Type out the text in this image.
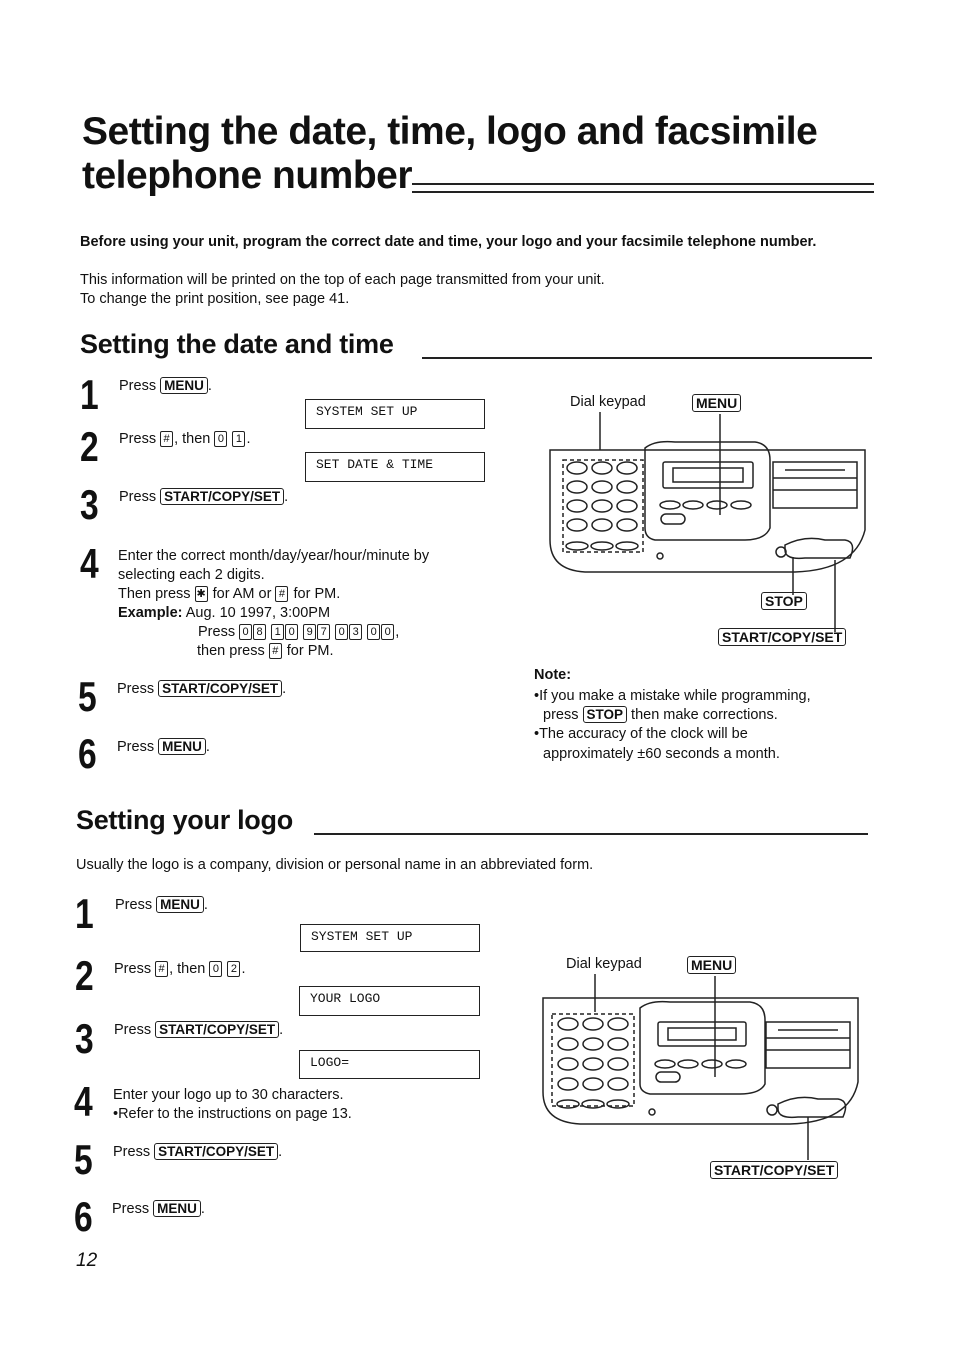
Setting the date, time, logo and facsimile
telephone number
Before using your unit, program the correct date and time, your logo and your facsimile telephone number.
This information will be printed on the top of each page transmitted from your unit.
To change the print position, see page 41.
Setting the date and time
1 Press MENU .
SYSTEM SET UP
2 Press # , then 0 1 .
SET DATE & TIME
3 Press START/COPY/SET .
4 Enter the correct month/day/year/hour/minute by
selecting each 2 digits.
Then press ✱ for AM or # for PM.
Example: Aug. 10 1997, 3:00PM
Press 0 8 1 0 9 7 0 3 0 0 ,
then press # for PM.
5 Press START/COPY/SET .
6 Press MENU .
Dial keypad	MENU
STOP
START/COPY/SET
Note:
•If you make a mistake while programming,
press STOP then make corrections.
•The accuracy of the clock will be
approximately ±60 seconds a month.
Setting your logo
Usually the logo is a company, division or personal name in an abbreviated form.
1 Press MENU .
SYSTEM SET UP
2 Press # , then 0 2 .
YOUR LOGO
3 Press START/COPY/SET .
LOGO=
4 Enter your logo up to 30 characters.
•Refer to the instructions on page 13.
5 Press START/COPY/SET .
6 Press MENU .
Dial keypad	MENU
START/COPY/SET
12
